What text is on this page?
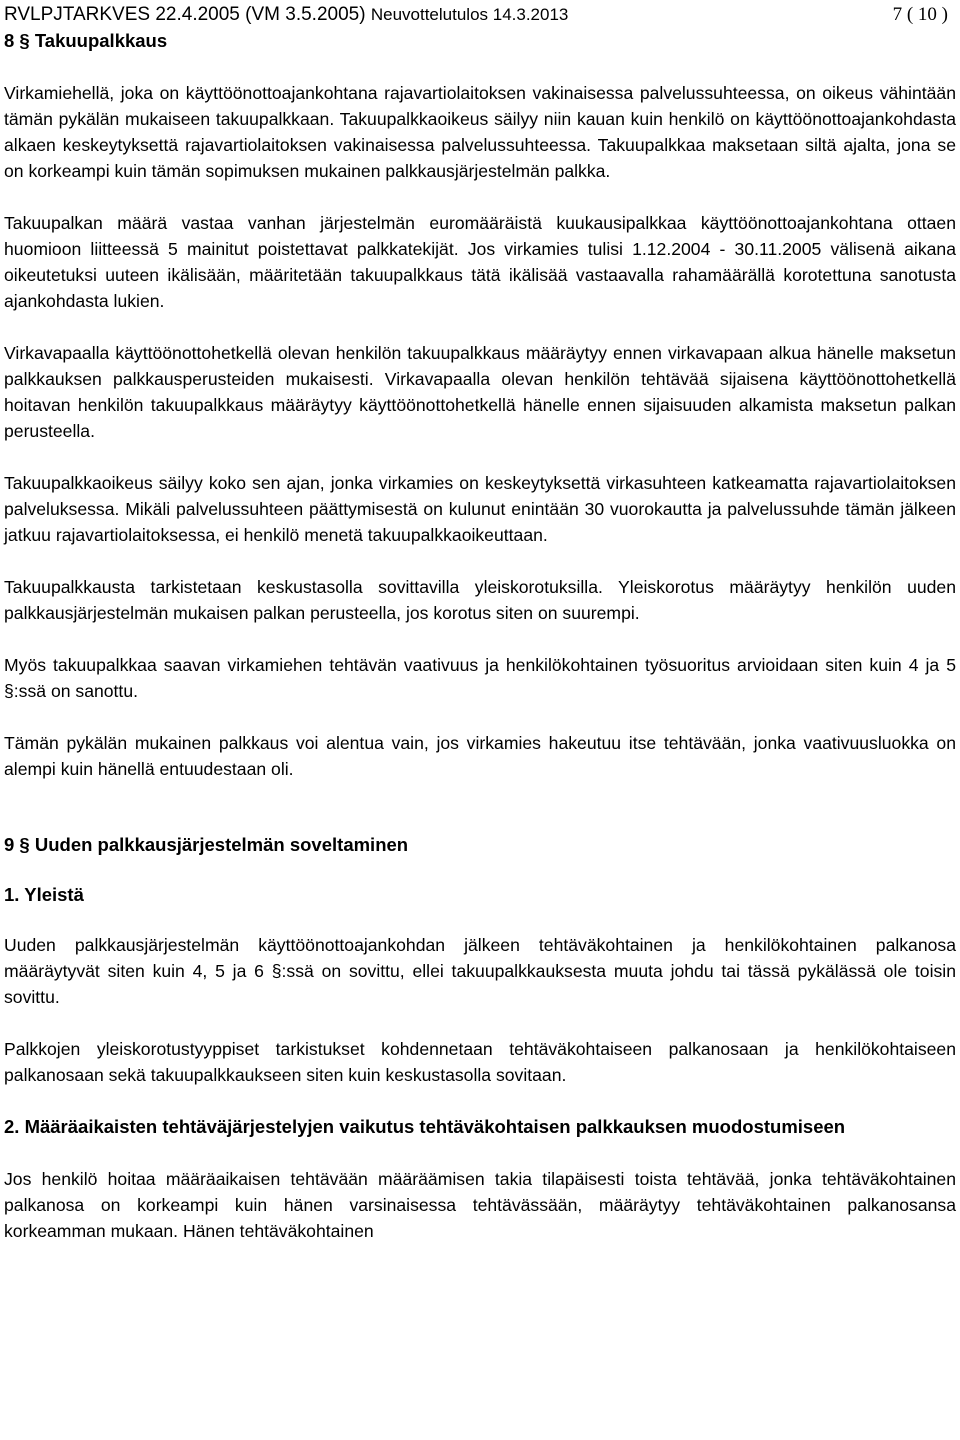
RVLPJTARKVES 22.4.2005 (VM 3.5.2005) Neuvottelutulos 14.3.2013	7 ( 10 )
8 § Takuupalkkaus

Virkamiehellä, joka on käyttöönottoajankohtana rajavartiolaitoksen vakinaisessa palvelussuhteessa, on oikeus vähintään tämän pykälän mukaiseen takuupalkkaan. Takuupalkkaoikeus säilyy niin kauan kuin henkilö on käyttöönottoajankohdasta alkaen keskeytyksettä rajavartiolaitoksen vakinaisessa palvelussuhteessa. Takuupalkkaa maksetaan siltä ajalta, jona se on korkeampi kuin tämän sopimuksen mukainen palkkausjärjestelmän palkka.

Takuupalkan määrä vastaa vanhan järjestelmän euromääräistä kuukausipalkkaa käyttöönottoajankohtana ottaen huomioon liitteessä 5 mainitut poistettavat palkkatekijät. Jos virkamies tulisi 1.12.2004 - 30.11.2005 välisenä aikana oikeutetuksi uuteen ikälisään, määritetään takuupalkkaus tätä ikälisää vastaavalla rahamäärällä korotettuna sanotusta ajankohdasta lukien.

Virkavapaalla käyttöönottohetkellä olevan henkilön takuupalkkaus määräytyy ennen virkavapaan alkua hänelle maksetun palkkauksen palkkausperusteiden mukaisesti. Virkavapaalla olevan henkilön tehtävää sijaisena käyttöönottohetkellä hoitavan henkilön takuupalkkaus määräytyy käyttöönottohetkellä hänelle ennen sijaisuuden alkamista maksetun palkan perusteella.

Takuupalkkaoikeus säilyy koko sen ajan, jonka virkamies on keskeytyksettä virkasuhteen katkeamatta rajavartiolaitoksen palveluksessa. Mikäli palvelussuhteen päättymisestä on kulunut enintään 30 vuorokautta ja palvelussuhde tämän jälkeen jatkuu rajavartiolaitoksessa, ei henkilö menetä takuupalkkaoikeuttaan.

Takuupalkkausta tarkistetaan keskustasolla sovittavilla yleiskorotuksilla. Yleiskorotus määräytyy henkilön uuden palkkausjärjestelmän mukaisen palkan perusteella, jos korotus siten on suurempi.

Myös takuupalkkaa saavan virkamiehen tehtävän vaativuus ja henkilökohtainen työsuoritus arvioidaan siten kuin 4 ja 5 §:ssä on sanottu.

Tämän pykälän mukainen palkkaus voi alentua vain, jos virkamies hakeutuu itse tehtävään, jonka vaativuusluokka on alempi kuin hänellä entuudestaan oli.

9 § Uuden palkkausjärjestelmän soveltaminen
1. Yleistä

Uuden palkkausjärjestelmän käyttöönottoajankohdan jälkeen tehtäväkohtainen ja henkilökohtainen palkanosa määräytyvät siten kuin 4, 5 ja 6 §:ssä on sovittu, ellei takuupalkkauksesta muuta johdu tai tässä pykälässä ole toisin sovittu.

Palkkojen yleiskorotustyyppiset tarkistukset kohdennetaan tehtäväkohtaiseen palkanosaan ja henkilökohtaiseen palkanosaan sekä takuupalkkaukseen siten kuin keskustasolla sovitaan.

2. Määräaikaisten tehtäväjärjestelyjen vaikutus tehtäväkohtaisen palkkauksen muodostumiseen

Jos henkilö hoitaa määräaikaisen tehtävään määräämisen takia tilapäisesti toista tehtävää, jonka tehtäväkohtainen palkanosa on korkeampi kuin hänen varsinaisessa tehtävässään, määräytyy tehtäväkohtainen palkanosansa korkeamman mukaan. Hänen tehtäväkohtainen
